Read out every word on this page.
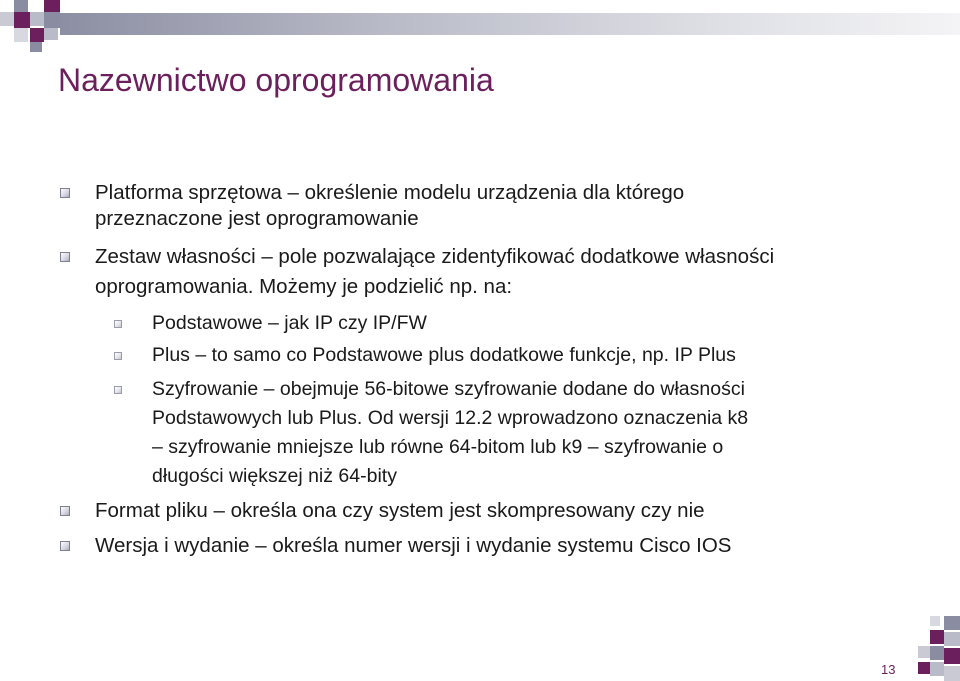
Nazewnictwo oprogramowania

Platforma sprzętowa – określenie modelu urządzenia dla którego

przeznaczone jest oprogramowanie

Zestaw własności – pole pozwalające zidentyfikować dodatkowe własności

oprogramowania. Możemy je podzielić np. na:

Podstawowe – jak IP czy IP/FW

Plus – to samo co Podstawowe plus dodatkowe funkcje, np. IP Plus

Szyfrowanie – obejmuje 56-bitowe szyfrowanie dodane do własności

Podstawowych lub Plus. Od wersji 12.2 wprowadzono oznaczenia k8

– szyfrowanie mniejsze lub równe 64-bitom lub k9 – szyfrowanie o

długości większej niż 64-bity

Format pliku – określa ona czy system jest skompresowany czy nie

Wersja i wydanie – określa numer wersji i wydanie systemu Cisco IOS

13
